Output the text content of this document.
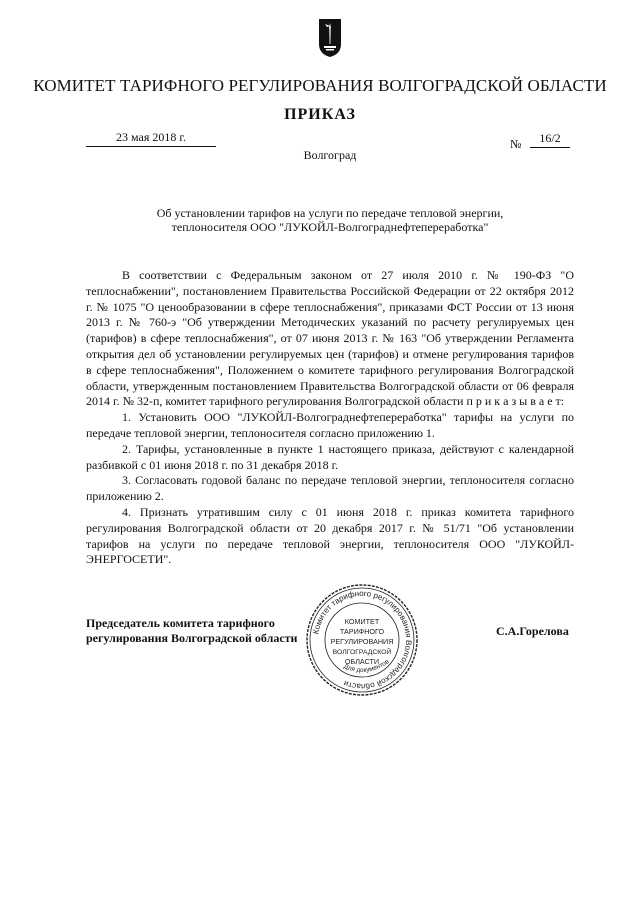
КОМИТЕТ ТАРИФНОГО РЕГУЛИРОВАНИЯ ВОЛГОГРАДСКОЙ ОБЛАСТИ
ПРИКАЗ
23 мая 2018 г.	№	16/2
Волгоград
Об установлении тарифов на услуги по передаче тепловой энергии,
теплоносителя ООО "ЛУКОЙЛ-Волгограднефтепереработка"

В соответствии с Федеральным законом от 27 июля 2010 г. № 190-ФЗ "О теплоснабжении", постановлением Правительства Российской Федерации от 22 октября 2012 г. № 1075 "О ценообразовании в сфере теплоснабжения", приказами ФСТ России от 13 июня 2013 г. № 760-э "Об утверждении Методических указаний по расчету регулируемых цен (тарифов) в сфере теплоснабжения", от 07 июня 2013 г. № 163 "Об утверждении Регламента открытия дел об установлении регулируемых цен (тарифов) и отмене регулирования тарифов в сфере теплоснабжения", Положением о комитете тарифного регулирования Волгоградской области, утвержденным постановлением Правительства Волгоградской области от 06 февраля 2014 г. № 32-п, комитет тарифного регулирования Волгоградской области п р и к а з ы в а е т:

1. Установить ООО "ЛУКОЙЛ-Волгограднефтепереработка" тарифы на услуги по передаче тепловой энергии, теплоносителя согласно приложению 1.

2. Тарифы, установленные в пункте 1 настоящего приказа, действуют с календарной разбивкой с 01 июня 2018 г. по 31 декабря 2018 г.

3. Согласовать годовой баланс по передаче тепловой энергии, теплоносителя согласно приложению 2.

4. Признать утратившим силу с 01 июня 2018 г. приказ комитета тарифного регулирования Волгоградской области от 20 декабря 2017 г. № 51/71 "Об установлении тарифов на услуги по передаче тепловой энергии, теплоносителя ООО "ЛУКОЙЛ-ЭНЕРГОСЕТИ".

Председатель комитета тарифного
регулирования Волгоградской области	С.А.Горелова
Комитет тарифного регулирования Волгоградской области
КОМИТЕТ
ТАРИФНОГО
РЕГУЛИРОВАНИЯ
ВОЛГОГРАДСКОЙ
ОБЛАСТИ
Для документов
